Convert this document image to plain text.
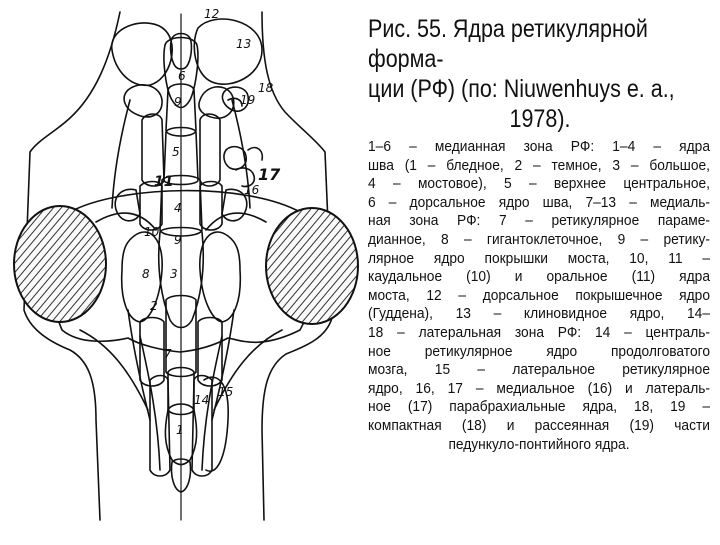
12
13
18
19
6
9
5
17
16
11
4
10
9
8 3
2
7
14
15
1
Рис. 55. Ядра ретикулярной форма-
ции (РФ) (по: Niuwenhuys e. a.,
1978).
1–6 – медианная зона РФ: 1–4 – ядра
шва (1 – бледное, 2 – темное, 3 – большое,
4 – мостовое), 5 – верхнее центральное,
6 – дорсальное ядро шва, 7–13 – медиаль-
ная зона РФ: 7 – ретикулярное параме-
дианное, 8 – гигантоклеточное, 9 – ретику-
лярное ядро покрышки моста, 10, 11 –
каудальное (10) и оральное (11) ядра
моста, 12 – дорсальное покрышечное ядро
(Гуддена), 13 – клиновидное ядро, 14–
18 – латеральная зона РФ: 14 – централь-
ное ретикулярное ядро продолговатого
мозга, 15 – латеральное ретикулярное
ядро, 16, 17 – медиальное (16) и латераль-
ное (17) парабрахиальные ядра, 18, 19 –
компактная (18) и рассеянная (19) части
педункуло-понтийного ядра.
